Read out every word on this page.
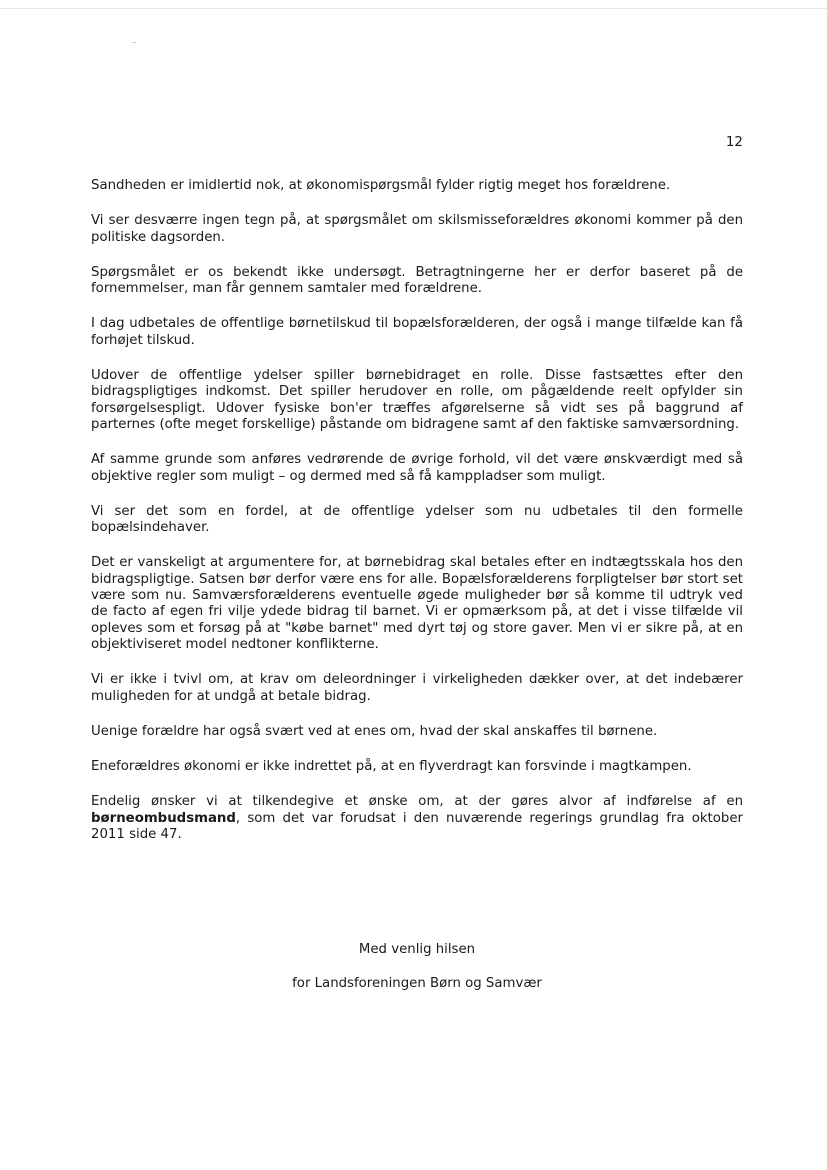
12

Sandheden er imidlertid nok, at økonomispørgsmål fylder rigtig meget hos forældrene.

Vi ser desværre ingen tegn på, at spørgsmålet om skilsmisseforældres økonomi kommer på den politiske dagsorden.

Spørgsmålet er os bekendt ikke undersøgt. Betragtningerne her er derfor baseret på de fornemmelser, man får gennem samtaler med forældrene.

I dag udbetales de offentlige børnetilskud til bopælsforælderen, der også i mange tilfælde kan få forhøjet tilskud.

Udover de offentlige ydelser spiller børnebidraget en rolle. Disse fastsættes efter den bidragspligtiges indkomst. Det spiller herudover en rolle, om pågældende reelt opfylder sin forsørgelsespligt. Udover fysiske bon'er træffes afgørelserne så vidt ses på baggrund af parternes (ofte meget forskellige) påstande om bidragene samt af den faktiske samværsordning.

Af samme grunde som anføres vedrørende de øvrige forhold, vil det være ønskværdigt med så objektive regler som muligt – og dermed med så få kamppladser som muligt.

Vi ser det som en fordel, at de offentlige ydelser som nu udbetales til den formelle bopælsindehaver.

Det er vanskeligt at argumentere for, at børnebidrag skal betales efter en indtægtsskala hos den bidragspligtige. Satsen bør derfor være ens for alle. Bopælsforælderens forpligtelser bør stort set være som nu. Samværsforælderens eventuelle øgede muligheder bør så komme til udtryk ved de facto af egen fri vilje ydede bidrag til barnet. Vi er opmærksom på, at det i visse tilfælde vil opleves som et forsøg på at "købe barnet" med dyrt tøj og store gaver. Men vi er sikre på, at en objektiviseret model nedtoner konflikterne.

Vi er ikke i tvivl om, at krav om deleordninger i virkeligheden dækker over, at det indebærer muligheden for at undgå at betale bidrag.

Uenige forældre har også svært ved at enes om, hvad der skal anskaffes til børnene.

Eneforældres økonomi er ikke indrettet på, at en flyverdragt kan forsvinde i magtkampen.

Endelig ønsker vi at tilkendegive et ønske om, at der gøres alvor af indførelse af en børneombudsmand, som det var forudsat i den nuværende regerings grundlag fra oktober 2011 side 47.

Med venlig hilsen
for Landsforeningen Børn og Samvær
